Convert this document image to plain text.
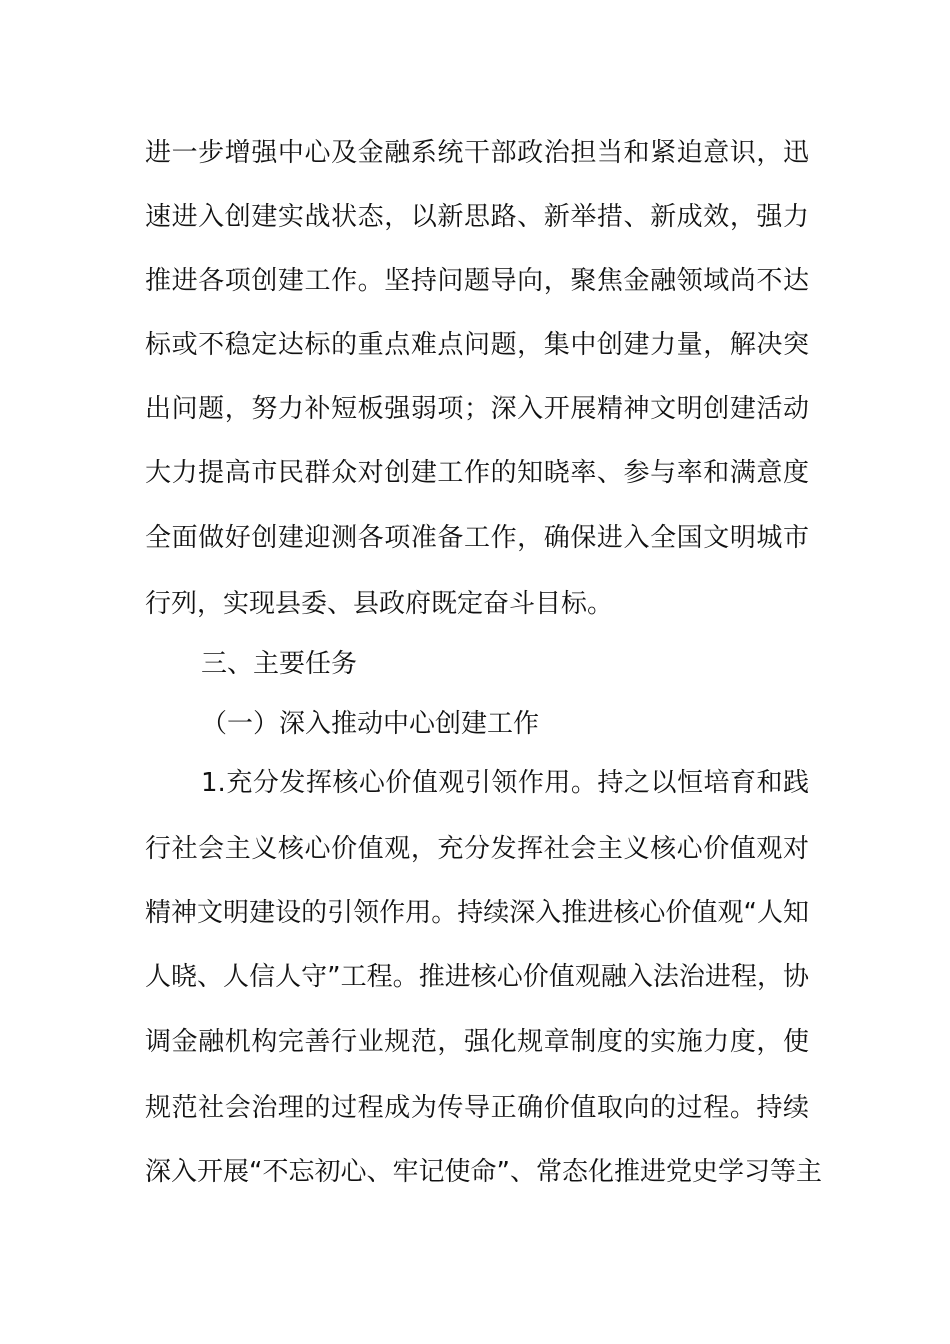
进一步增强中心及金融系统干部政治担当和紧迫意识，迅
速进入创建实战状态，以新思路、新举措、新成效，强力
推进各项创建工作。坚持问题导向，聚焦金融领域尚不达
标或不稳定达标的重点难点问题，集中创建力量，解决突
出问题，努力补短板强弱项；深入开展精神文明创建活动
大力提高市民群众对创建工作的知晓率、参与率和满意度
全面做好创建迎测各项准备工作，确保进入全国文明城市
行列，实现县委、县政府既定奋斗目标。
三、主要任务
（一）深入推动中心创建工作
1.充分发挥核心价值观引领作用。持之以恒培育和践
行社会主义核心价值观，充分发挥社会主义核心价值观对
精神文明建设的引领作用。持续深入推进核心价值观“人知
人晓、人信人守”工程。推进核心价值观融入法治进程，协
调金融机构完善行业规范，强化规章制度的实施力度，使
规范社会治理的过程成为传导正确价值取向的过程。持续
深入开展“不忘初心、牢记使命”、常态化推进党史学习等主
